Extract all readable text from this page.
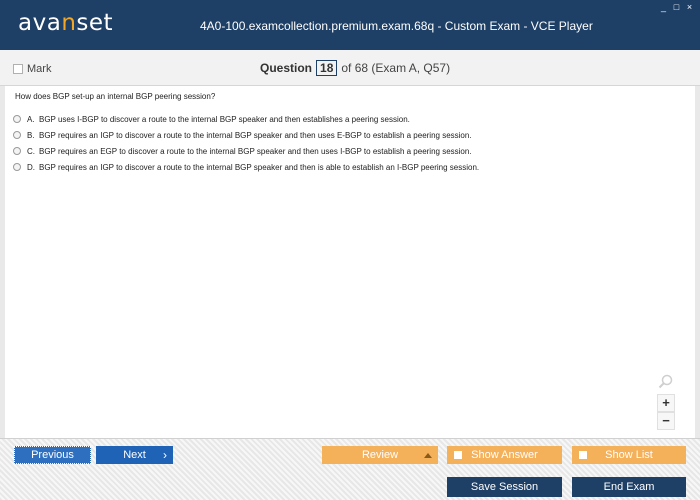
avanset	4A0-100.examcollection.premium.exam.68q - Custom Exam - VCE Player
_ □ ×
Mark	Question 18 of 68 (Exam A, Q57)
How does BGP set-up an internal BGP peering session?
A. BGP uses I-BGP to discover a route to the internal BGP speaker and then establishes a peering session.
B. BGP requires an IGP to discover a route to the internal BGP speaker and then uses E-BGP to establish a peering session.
C. BGP requires an EGP to discover a route to the internal BGP speaker and then uses I-BGP to establish a peering session.
D. BGP requires an IGP to discover a route to the internal BGP speaker and then is able to establish an I-BGP peering session.
+
−
Previous	Next ›	Review	Show Answer	Show List
Save Session	End Exam
